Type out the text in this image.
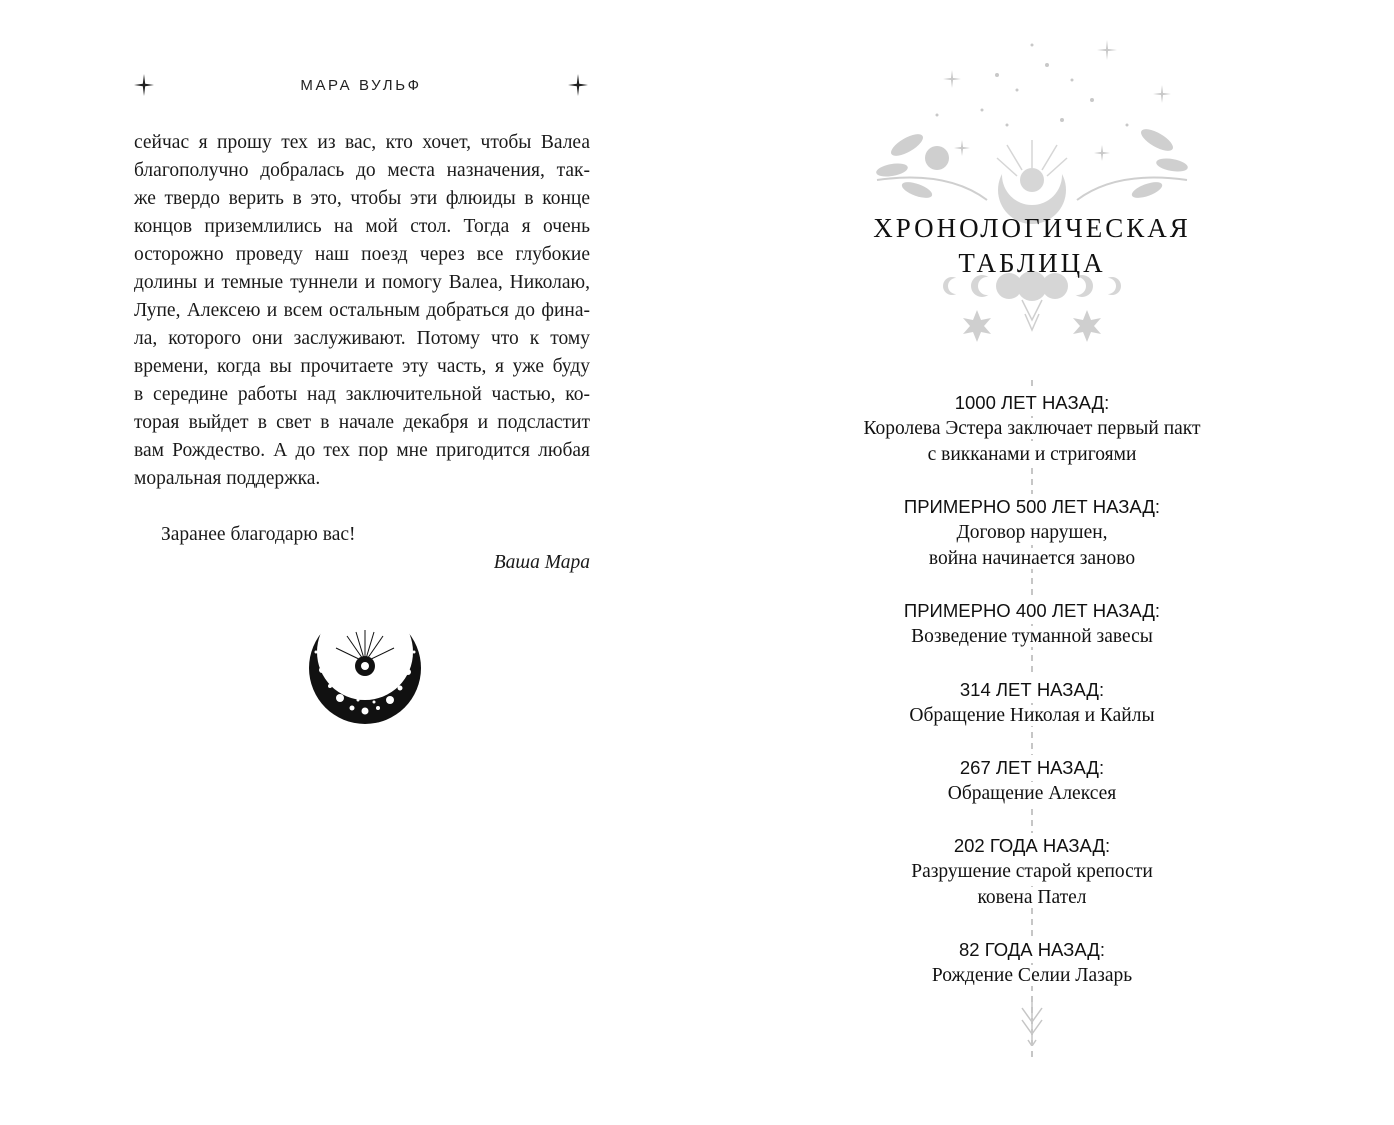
МАРА ВУЛЬФ
сейчас я прошу тех из вас, кто хочет, чтобы Валеа
благополучно добралась до места назначения, так-
же твердо верить в это, чтобы эти флюиды в конце
концов приземлились на мой стол. Тогда я очень
осторожно проведу наш поезд через все глубокие
долины и темные туннели и помогу Валеа, Николаю,
Лупе, Алексею и всем остальным добраться до фина-
ла, которого они заслуживают. Потому что к тому
времени, когда вы прочитаете эту часть, я уже буду
в середине работы над заключительной частью, ко-
торая выйдет в свет в начале декабря и подсластит
вам Рождество. А до тех пор мне пригодится любая
моральная поддержка.
Заранее благодарю вас!
Ваша Мара
ХРОНОЛОГИЧЕСКАЯ
ТАБЛИЦА
1000 ЛЕТ НАЗАД:
Королева Эстера заключает первый пакт
с викканами и стригоями
ПРИМЕРНО 500 ЛЕТ НАЗАД:
Договор нарушен,
война начинается заново
ПРИМЕРНО 400 ЛЕТ НАЗАД:
Возведение туманной завесы
314 ЛЕТ НАЗАД:
Обращение Николая и Кайлы
267 ЛЕТ НАЗАД:
Обращение Алексея
202 ГОДА НАЗАД:
Разрушение старой крепости
ковена Пател
82 ГОДА НАЗАД:
Рождение Селии Лазарь
